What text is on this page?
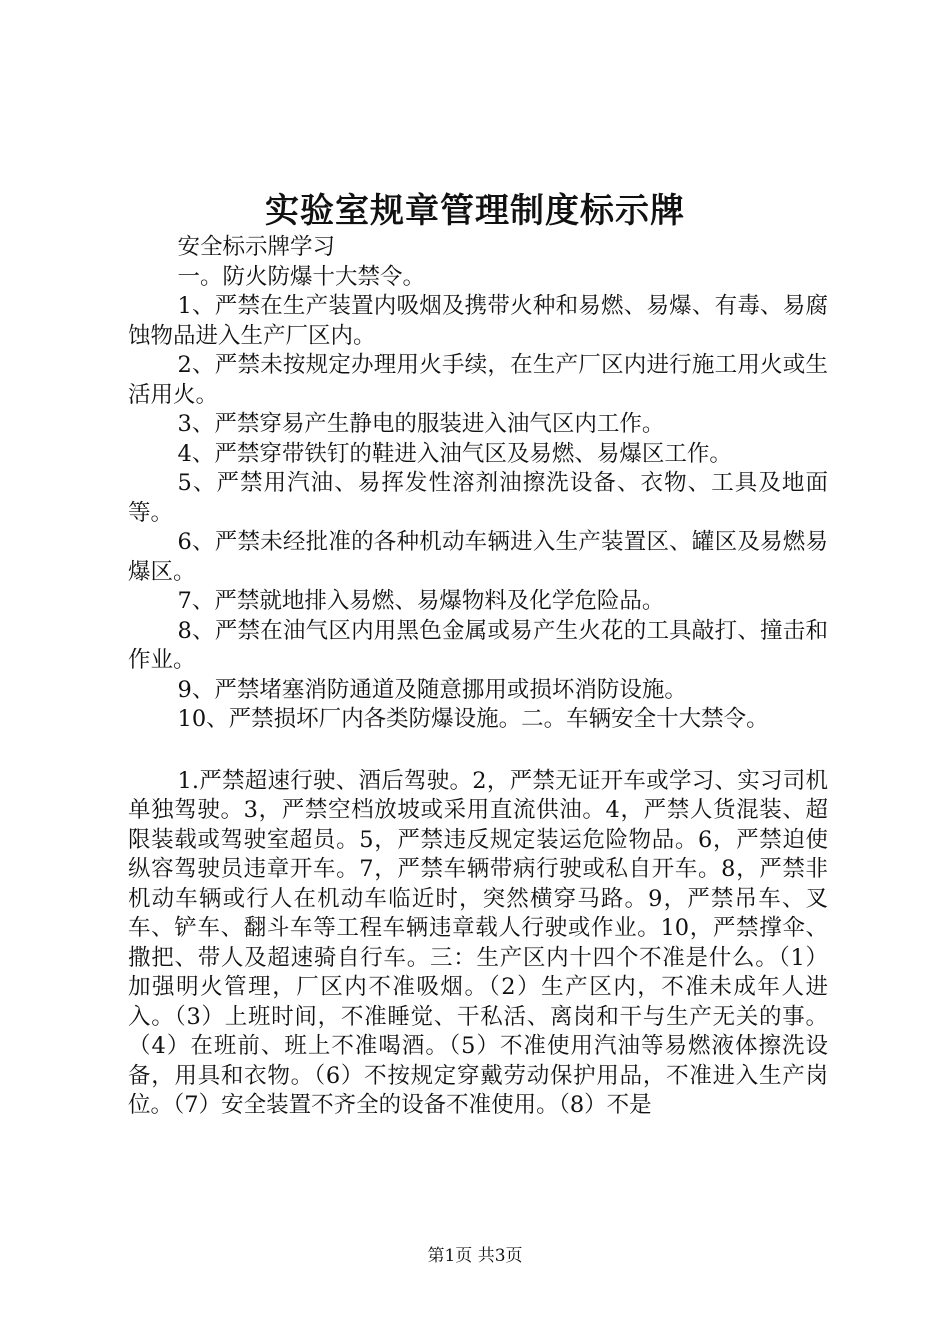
实验室规章管理制度标示牌

安全标示牌学习

一。防火防爆十大禁令。

1、严禁在生产装置内吸烟及携带火种和易燃、易爆、有毒、易腐蚀物品进入生产厂区内。

2、严禁未按规定办理用火手续，在生产厂区内进行施工用火或生活用火。

3、严禁穿易产生静电的服装进入油气区内工作。

4、严禁穿带铁钉的鞋进入油气区及易燃、易爆区工作。

5、严禁用汽油、易挥发性溶剂油擦洗设备、衣物、工具及地面等。

6、严禁未经批准的各种机动车辆进入生产装置区、罐区及易燃易爆区。

7、严禁就地排入易燃、易爆物料及化学危险品。

8、严禁在油气区内用黑色金属或易产生火花的工具敲打、撞击和作业。

9、严禁堵塞消防通道及随意挪用或损坏消防设施。

10、严禁损坏厂内各类防爆设施。二。车辆安全十大禁令。

1.严禁超速行驶、酒后驾驶。2，严禁无证开车或学习、实习司机单独驾驶。3，严禁空档放坡或采用直流供油。4，严禁人货混装、超限装载或驾驶室超员。5，严禁违反规定装运危险物品。6，严禁迫使纵容驾驶员违章开车。7，严禁车辆带病行驶或私自开车。8，严禁非机动车辆或行人在机动车临近时，突然横穿马路。9，严禁吊车、叉车、铲车、翻斗车等工程车辆违章载人行驶或作业。10，严禁撑伞、撒把、带人及超速骑自行车。三：生产区内十四个不准是什么。（1）加强明火管理，厂区内不准吸烟。（2）生产区内，不准未成年人进入。（3）上班时间，不准睡觉、干私活、离岗和干与生产无关的事。（4）在班前、班上不准喝酒。（5）不准使用汽油等易燃液体擦洗设备，用具和衣物。（6）不按规定穿戴劳动保护用品，不准进入生产岗位。（7）安全装置不齐全的设备不准使用。（8）不是

第1页 共3页
